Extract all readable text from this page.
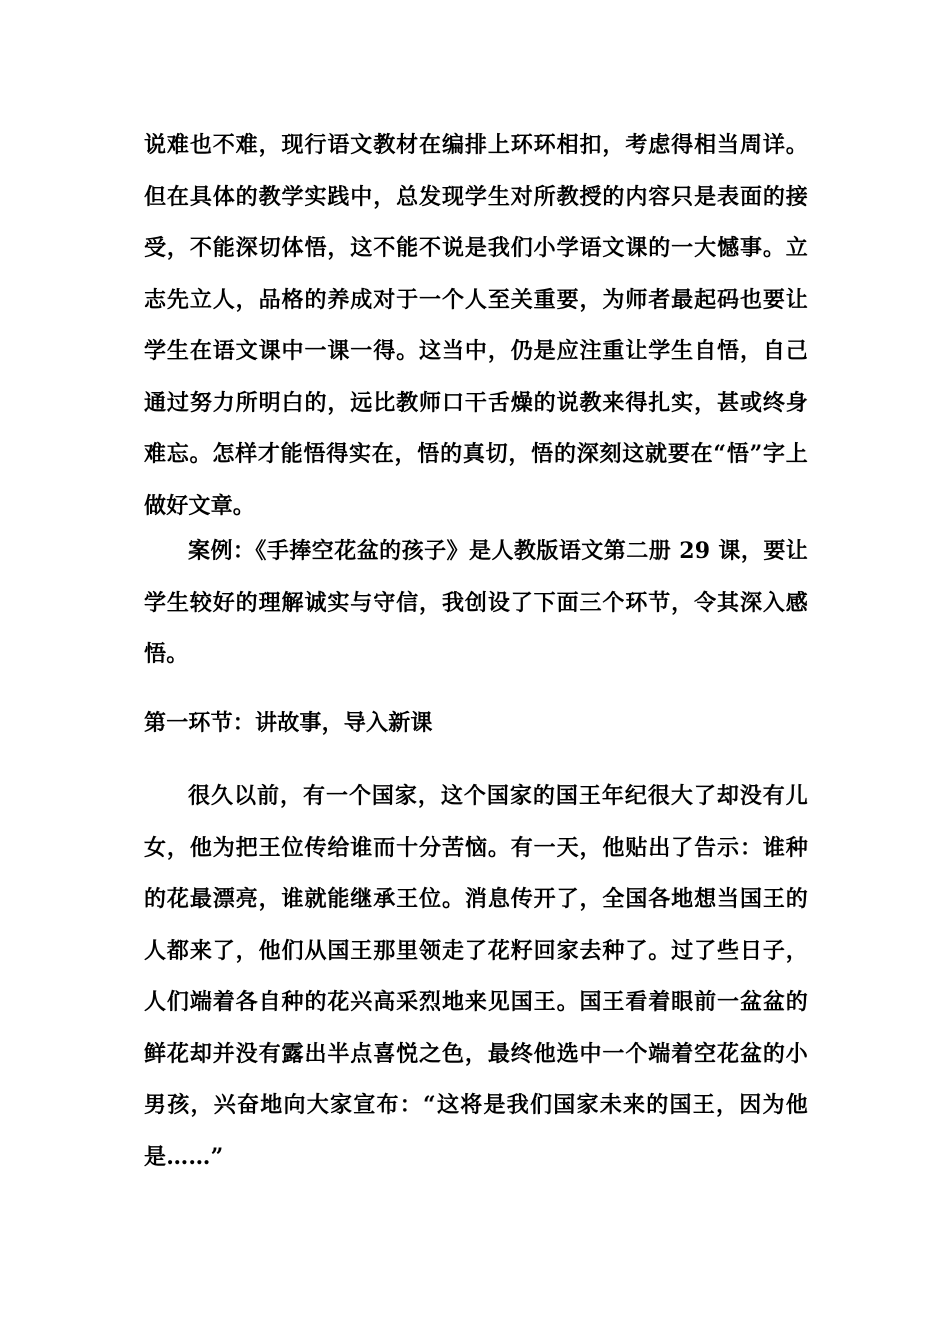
说难也不难，现行语文教材在编排上环环相扣，考虑得相当周详。但在具体的教学实践中，总发现学生对所教授的内容只是表面的接受，不能深切体悟，这不能不说是我们小学语文课的一大憾事。立志先立人，品格的养成对于一个人至关重要，为师者最起码也要让学生在语文课中一课一得。这当中，仍是应注重让学生自悟，自己通过努力所明白的，远比教师口干舌燥的说教来得扎实，甚或终身难忘。怎样才能悟得实在，悟的真切，悟的深刻这就要在“悟”字上做好文章。

案例：《手捧空花盆的孩子》是人教版语文第二册 29 课，要让学生较好的理解诚实与守信，我创设了下面三个环节，令其深入感悟。

第一环节：讲故事，导入新课

很久以前，有一个国家，这个国家的国王年纪很大了却没有儿女，他为把王位传给谁而十分苦恼。有一天，他贴出了告示：谁种的花最漂亮，谁就能继承王位。消息传开了，全国各地想当国王的人都来了，他们从国王那里领走了花籽回家去种了。过了些日子，人们端着各自种的花兴高采烈地来见国王。国王看着眼前一盆盆的鲜花却并没有露出半点喜悦之色，最终他选中一个端着空花盆的小男孩，兴奋地向大家宣布：“这将是我们国家未来的国王，因为他是……”
